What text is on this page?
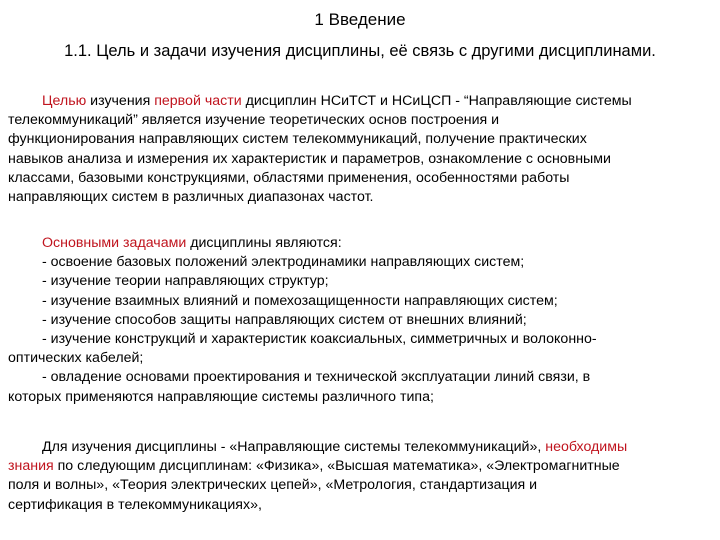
1 Введение
1.1. Цель и задачи изучения дисциплины, её связь с другими дисциплинами.
Целью изучения первой части дисциплин НСиТСТ и НСиЦСП - “Направляющие системы
телекоммуникаций” является изучение теоретических основ построения и
функционирования направляющих систем телекоммуникаций, получение практических
навыков анализа и измерения их характеристик и параметров, ознакомление с основными
классами, базовыми конструкциями, областями применения, особенностями работы
направляющих систем в различных диапазонах частот.
Основными задачами дисциплины являются:
- освоение базовых положений электродинамики направляющих систем;
- изучение теории направляющих структур;
- изучение взаимных влияний и помехозащищенности направляющих систем;
- изучение способов защиты направляющих систем от внешних влияний;
- изучение конструкций и характеристик коаксиальных, симметричных и волоконно-
оптических кабелей;
- овладение основами проектирования и технической эксплуатации линий связи, в
которых применяются направляющие системы различного типа;
Для изучения дисциплины - «Направляющие системы телекоммуникаций», необходимы
знания по следующим дисциплинам: «Физика», «Высшая математика», «Электромагнитные
поля и волны», «Теория электрических цепей», «Метрология, стандартизация и
сертификация в телекоммуникациях»,
